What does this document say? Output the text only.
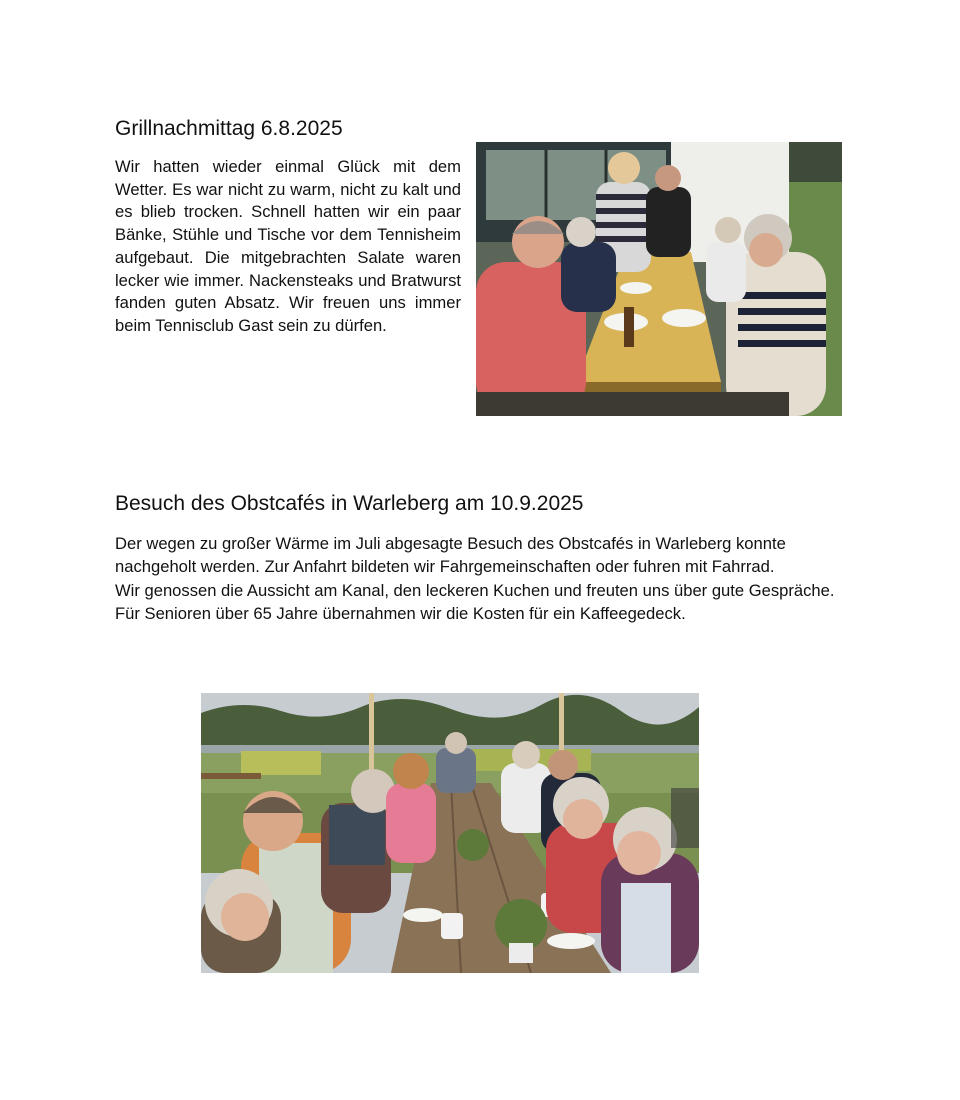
Grillnachmittag 6.8.2025

Wir hatten wieder einmal Glück mit dem Wetter. Es war nicht zu warm, nicht zu kalt und es blieb trocken. Schnell hatten wir ein paar Bänke, Stühle und Tische vor dem Tennisheim aufgebaut. Die mitgebrachten Salate waren lecker wie immer. Nackensteaks und Bratwurst fanden guten Absatz. Wir freuen uns immer beim Tennisclub Gast sein zu dürfen.

Besuch des Obstcafés in Warleberg am 10.9.2025

Der wegen zu großer Wärme im Juli abgesagte Besuch des Obstcafés in Warleberg konnte nachgeholt werden. Zur Anfahrt bildeten wir Fahrgemeinschaften oder fuhren mit Fahrrad.

Wir genossen die Aussicht am Kanal, den leckeren Kuchen und freuten uns über gute Gespräche. Für Senioren über 65 Jahre übernahmen wir die Kosten für ein Kaffeegedeck.
